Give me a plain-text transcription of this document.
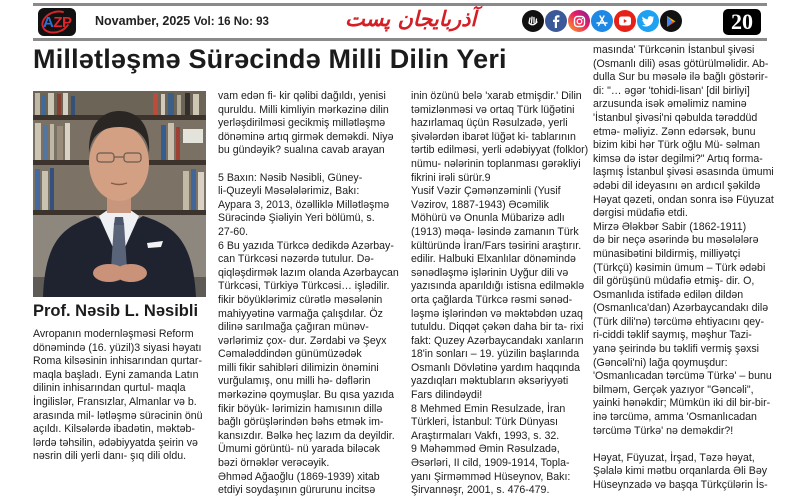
AZP Novamber, 2025 Vol: 16 No: 93	آذربایجان پست	20
Millətləşmə Sürəcində Milli Dilin Yeri
Prof. Nəsib L. Nəsibli

Avropanın modernləşməsi Reform

dönəmində (16. yüzil)3 siyasi həyatı

Roma kilsəsinin inhisarından qurtar-

maqla başladı. Eyni zamanda Latın

dilinin inhisarından qurtul- maqla

İngilislər, Fransızlar, Almanlar və b.

arasında mil- lətləşmə sürəcinin önü

açıldı. Kilsələrdə ibadətin, məktəb-

lərdə təhsilin, ədəbiyyatda şeirin və

nəsrin dili yerli danı- şıq dili oldu.

vam edən fi- kir qəlibi dağıldı, yenisi

quruldu. Milli kimliyin mərkəzinə dilin

yerləşdirilməsi gecikmiş millətləşmə

dönəminə artıq girmək deməkdi. Niyə

bu gündəyik? sualına cavab arayan

5 Baxın: Nəsib Nəsibli, Güney-

li-Quzeyli Məsələlərimiz, Bakı:

Aypara 3, 2013, özəlliklə Millətləşmə

Sürəcində Şiəliyin Yeri bölümü, s.

27-60.

6 Bu yazıda Türkcə dedikdə Azərbay-

can Türkcəsi nəzərdə tutulur. Də-

qiqləşdirmək lazım olanda Azərbaycan

Türkcəsi, Türkiyə Türkcəsi… işlədilir.

fikir böyüklərimiz cürətlə məsələnin

mahiyyətinə varmağa çalışdılar. Öz

dilinə sarılmağa çağıran münəv-

vərlərimiz çox- dur. Zərdabi və Şeyx

Cəmaləddindən günümüzədək

milli fikir sahibləri dilimizin önəmini

vurğulamış, onu milli hə- dəflərin

mərkəzinə qoymuşlar. Bu qısa yazıda

fikir böyük- lərimizin hamısının dillə

bağlı görüşlərindən bəhs etmək im-

kansızdır. Bəlkə heç lazım da deyildir.

Ümumi görüntü- nü yarada biləcək

bəzi örnəklər verəcəyik.

Əhməd Ağaoğlu (1869-1939) xitab

etdiyi soydaşının gürurunu incitsə

inin özünü belə 'xarab etmişdir.' Dilin

təmizlənməsi və ortaq Türk lüğətini

hazırlamaq üçün Rəsulzadə, yerli

şivələrdən ibarət lüğət ki- tablarının

tərtib edilməsi, yerli ədəbiyyat (folklor)

nümu- nələrinin toplanması gərəkliyi

fikrini irəli sürür.9

Yusif Vəzir Çəmənzəminli (Yusif

Vəzirov, 1887-1943) Əcəmilik

Möhürü və Onunla Mübarizə adlı

(1913) məqa- ləsində zamanın Türk

kültüründə İran/Fars təsirini araştırır.

edilir. Halbuki Elxanlılar dönəmində

sənədləşmə işlərinin Uyğur dili və

yazısında aparıldığı istisna edilməklə

orta çağlarda Türkcə rəsmi sənəd-

ləşmə işlərindən və məktəbdən uzaq

tutuldu. Diqqət çəkən daha bir ta- rixi

fakt: Quzey Azərbaycandakı xanların

18'in sonları – 19. yüzilin başlarında

Osmanlı Dövlətinə yardım haqqında

yazdıqları məktubların əksəriyyəti

Fars dilindəydi!

8 Mehmed Emin Resulzade, İran

Türkleri, İstanbul: Türk Dünyası

Araştırmaları Vakfı, 1993, s. 32.

9 Məhəmməd Əmin Rəsulzadə,

Əsərləri, II cild, 1909-1914, Topla-

yanı Şirməmməd Hüseynov, Bakı:

Şirvannəşr, 2001, s. 476-479.

masında' Türkcənin İstanbul şivəsi

(Osmanlı dili) əsas götürülməlidir. Ab-

dulla Sur bu məsələ ilə bağlı göstərir-

di: "… əgər 'tohidi-lisan' [dil birliyi]

arzusunda isək əməlimiz naminə

'İstanbul şivəsi'ni qəbulda tərəddüd

etmə- məliyiz. Zənn edərsək, bunu

bizim kibi hər Türk oğlu Mü- səlman

kimsə də istər degilmi?" Artıq forma-

laşmış İstanbul şivəsi əsasında ümumi

ədəbi dil ideyasını ən ardıcıl şəkildə

Həyat qəzeti, ondan sonra isə Füyuzat

dərgisi müdafiə etdi.

Mirzə Ələkbər Sabir (1862-1911)

də bir neçə əsərində bu məsələlərə

münasibətini bildirmiş, milliyətçi

(Türkçü) kəsimin ümum – Türk ədəbi

dil görüşünü müdafiə etmiş- dir. O,

Osmanlıda istifadə edilən dildən

(Osmanlıca'dan) Azərbaycandakı dilə

(Türk dili'nə) tərcümə ehtiyacını qey-

ri-ciddi təklif saymış, məşhur Tazi-

yanə şeirində bu təklifi vermiş şəxsi

(Gəncəli'ni) lağa qoymuşdur:

'Osmanlıcadan tərcümə Türkə' – bunu

bilməm, Gerçək yazıyor "Gəncəli",

yainki hənəkdir; Mümkün iki dil bir-bir-

inə tərcümə, amma 'Osmanlıcadan

tərcümə Türkə' nə deməkdir?!

Həyat, Füyuzat, İrşad, Təzə həyat,

Şəlalə kimi mətbu orqanlarda Əli Bəy

Hüseynzadə və başqa Türkçülərin İs-
